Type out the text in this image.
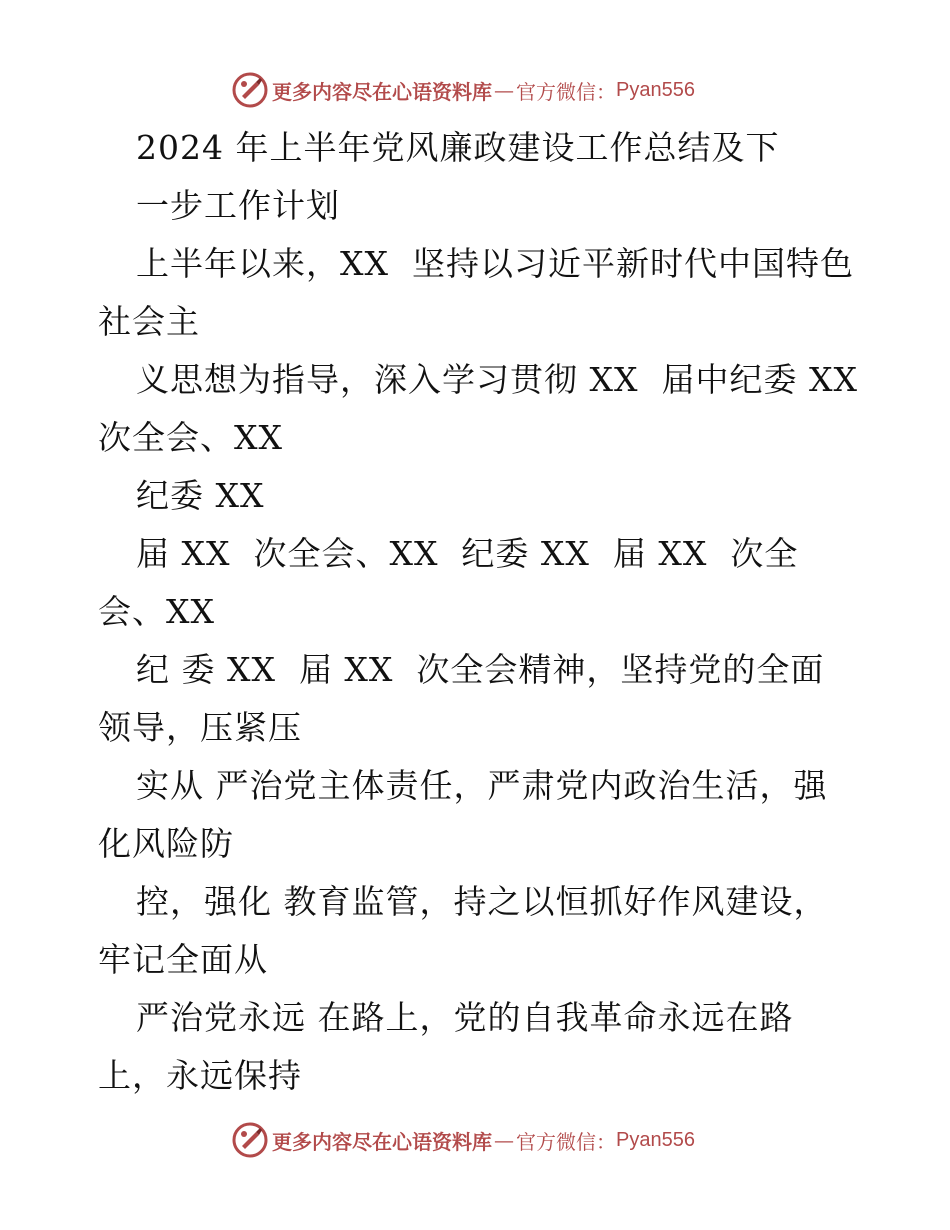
更多内容尽在心语资料库 — 官方微信： Pyan556
2024 年上半年党风廉政建设工作总结及下
一步工作计划
上半年以来，XX  坚持以习近平新时代中国特色
社会主
义思想为指导，深入学习贯彻 XX  届中纪委 XX
次全会、XX
纪委 XX
届 XX  次全会、XX  纪委 XX  届 XX  次全
会、XX
纪 委 XX  届 XX  次全会精神，坚持党的全面
领导，压紧压
实从 严治党主体责任，严肃党内政治生活，强
化风险防
控，强化 教育监管，持之以恒抓好作风建设，
牢记全面从
严治党永远 在路上，党的自我革命永远在路
上，永远保持
更多内容尽在心语资料库 — 官方微信： Pyan556
